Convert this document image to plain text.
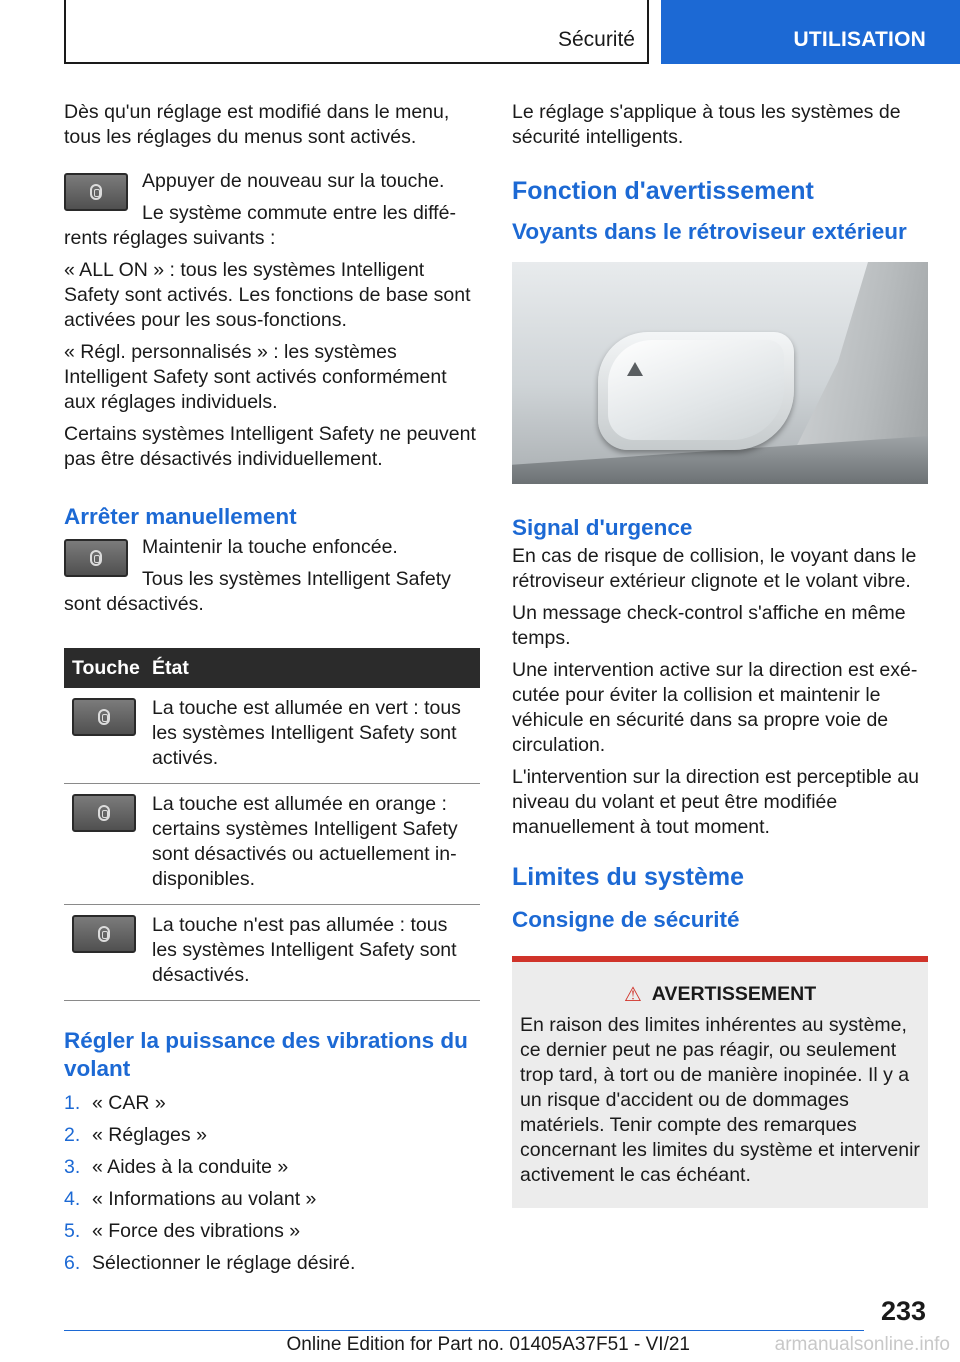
Sécurité	UTILISATION

Dès qu'un réglage est modifié dans le menu, tous les réglages du menus sont activés.

Appuyer de nouveau sur la touche.

Le système commute entre les différents réglages suivants :

« ALL ON » : tous les systèmes Intelligent Safety sont activés. Les fonctions de base sont activées pour les sous-fonctions.

« Régl. personnalisés » : les systèmes Intelligent Safety sont activés conformément aux réglages individuels.

Certains systèmes Intelligent Safety ne peuvent pas être désactivés individuellement.

Arrêter manuellement

Maintenir la touche enfoncée.

Tous les systèmes Intelligent Safety sont désactivés.

Touche	État

	La touche est allumée en vert : tous les systèmes Intelligent Safety sont activés.

	La touche est allumée en orange : certains systèmes Intelligent Safety sont désactivés ou actuellement indisponibles.

	La touche n'est pas allumée : tous les systèmes Intelligent Safety sont désactivés.
Régler la puissance des vibrations du volant
1. « CAR »
2. « Réglages »
3. « Aides à la conduite »
4. « Informations au volant »
5. « Force des vibrations »
6. Sélectionner le réglage désiré.

Le réglage s'applique à tous les systèmes de sécurité intelligents.

Fonction d'avertissement
Voyants dans le rétroviseur extérieur
Signal d'urgence

En cas de risque de collision, le voyant dans le rétroviseur extérieur clignote et le volant vibre.

Un message check-control s'affiche en même temps.

Une intervention active sur la direction est exécutée pour éviter la collision et maintenir le véhicule en sécurité dans sa propre voie de circulation.

L'intervention sur la direction est perceptible au niveau du volant et peut être modifiée manuellement à tout moment.

Limites du système
Consigne de sécurité
⚠ AVERTISSEMENT

En raison des limites inhérentes au système, ce dernier peut ne pas réagir, ou seulement trop tard, à tort ou de manière inopinée. Il y a un risque d'accident ou de dommages matériels. Tenir compte des remarques concernant les limites du système et intervenir activement le cas échéant.

233
Online Edition for Part no. 01405A37F51 - VI/21	armanualsonline.info
